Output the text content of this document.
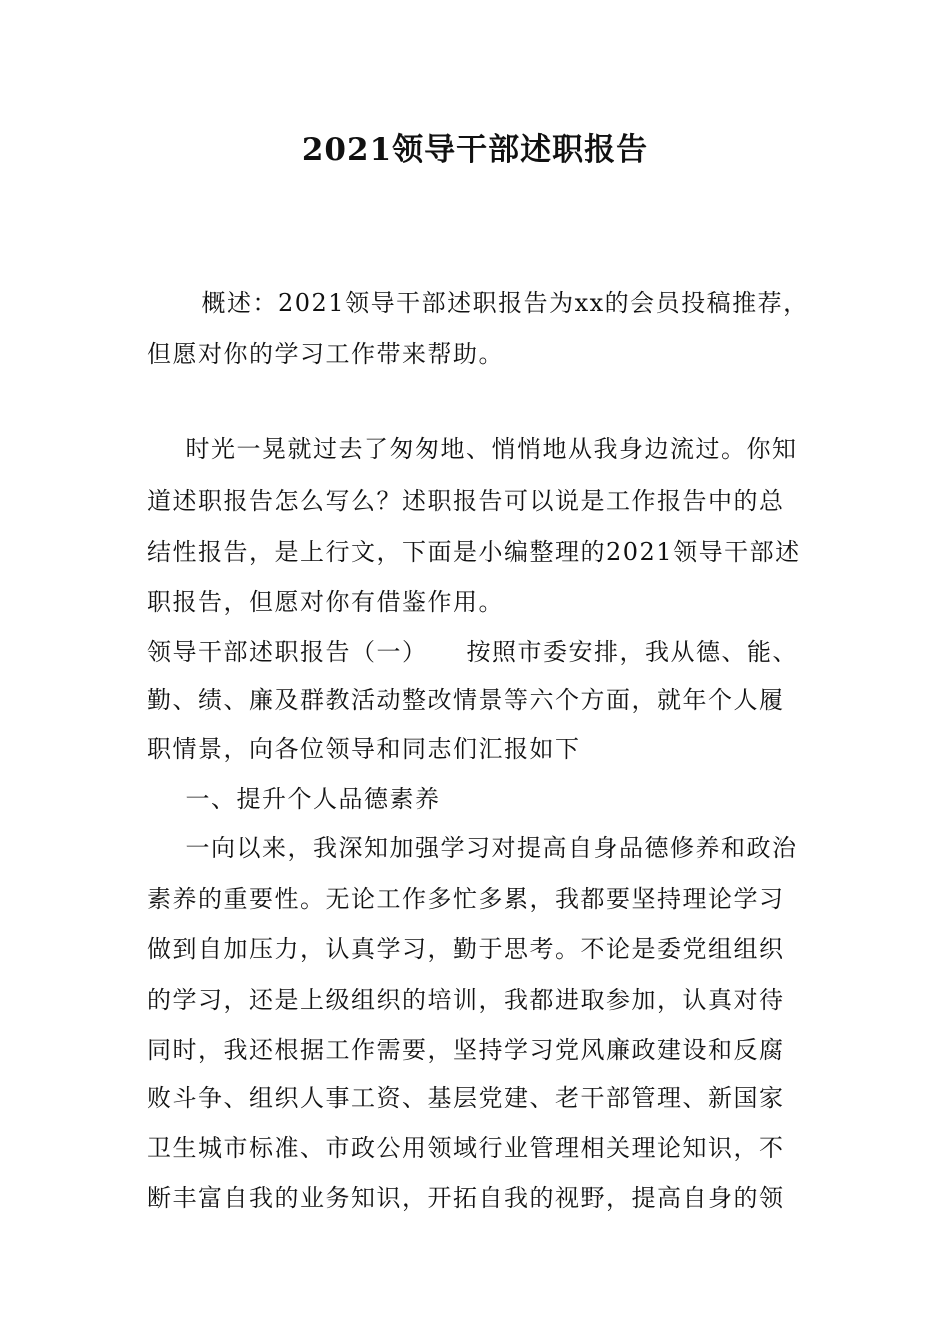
2021领导干部述职报告
　概述：2021领导干部述职报告为xx的会员投稿推荐，
但愿对你的学习工作带来帮助。
　时光一晃就过去了匆匆地、悄悄地从我身边流过。你知
道述职报告怎么写么？述职报告可以说是工作报告中的总
结性报告，是上行文，下面是小编整理的2021领导干部述
职报告，但愿对你有借鉴作用。
领导干部述职报告（一）　　按照市委安排，我从德、能、
勤、绩、廉及群教活动整改情景等六个方面，就年个人履
职情景，向各位领导和同志们汇报如下
　一、提升个人品德素养
　一向以来，我深知加强学习对提高自身品德修养和政治
素养的重要性。无论工作多忙多累，我都要坚持理论学习
做到自加压力，认真学习，勤于思考。不论是委党组组织
的学习，还是上级组织的培训，我都进取参加，认真对待
同时，我还根据工作需要，坚持学习党风廉政建设和反腐
败斗争、组织人事工资、基层党建、老干部管理、新国家
卫生城市标准、市政公用领域行业管理相关理论知识，不
断丰富自我的业务知识，开拓自我的视野，提高自身的领
